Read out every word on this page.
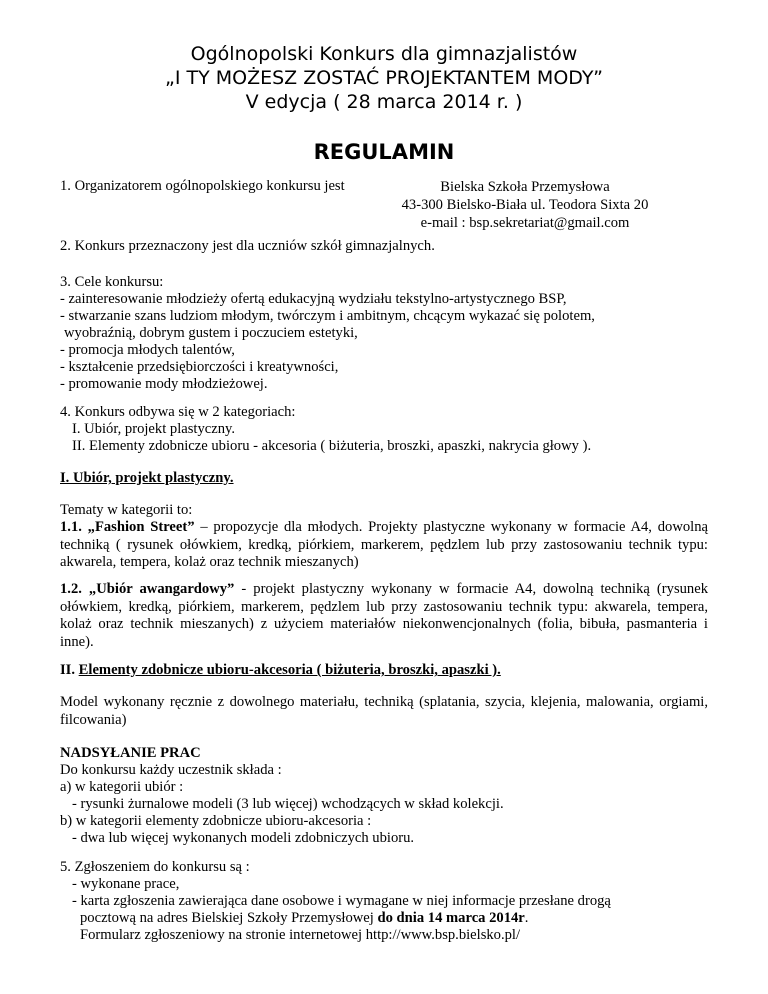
Ogólnopolski Konkurs dla gimnazjalistów
„I TY MOŻESZ ZOSTAĆ PROJEKTANTEM MODY”
V edycja ( 28 marca 2014 r. )
REGULAMIN
1. Organizatorem ogólnopolskiego konkursu jest	Bielska Szkoła Przemysłowa
43-300 Bielsko-Biała ul. Teodora Sixta 20
e-mail : bsp.sekretariat@gmail.com
2. Konkurs przeznaczony jest dla uczniów szkół gimnazjalnych.
3. Cele konkursu:
- zainteresowanie młodzieży ofertą edukacyjną wydziału tekstylno-artystycznego BSP,
- stwarzanie szans ludziom młodym, twórczym i ambitnym, chcącym wykazać się polotem,
wyobraźnią, dobrym gustem i poczuciem estetyki,
- promocja młodych talentów,
- kształcenie przedsiębiorczości i kreatywności,
- promowanie mody młodzieżowej.
4. Konkurs odbywa się w 2 kategoriach:
I. Ubiór, projekt plastyczny.
II. Elementy zdobnicze ubioru - akcesoria ( biżuteria, broszki, apaszki, nakrycia głowy ).
I. Ubiór, projekt plastyczny.
Tematy w kategorii to:
1.1. „Fashion Street” – propozycje dla młodych. Projekty plastyczne wykonany w formacie A4, dowolną techniką ( rysunek ołówkiem, kredką, piórkiem, markerem, pędzlem lub przy zastosowaniu technik typu: akwarela, tempera, kolaż oraz technik mieszanych)
1.2. „Ubiór awangardowy” - projekt plastyczny wykonany w formacie A4, dowolną techniką (rysunek ołówkiem, kredką, piórkiem, markerem, pędzlem lub przy zastosowaniu technik typu: akwarela, tempera, kolaż oraz technik mieszanych) z użyciem materiałów niekonwencjonalnych (folia, bibuła, pasmanteria i inne).
II. Elementy zdobnicze ubioru-akcesoria ( biżuteria, broszki, apaszki ).
Model wykonany ręcznie z dowolnego materiału, techniką (splatania, szycia, klejenia, malowania, orgiami, filcowania)
NADSYŁANIE PRAC
Do konkursu każdy uczestnik składa :
a) w kategorii ubiór :
- rysunki żurnalowe modeli (3 lub więcej) wchodzących w skład kolekcji.
b) w kategorii elementy zdobnicze ubioru-akcesoria :
- dwa lub więcej wykonanych modeli zdobniczych ubioru.
5. Zgłoszeniem do konkursu są :
- wykonane prace,
- karta zgłoszenia zawierająca dane osobowe i wymagane w niej informacje przesłane drogą
pocztową na adres Bielskiej Szkoły Przemysłowej do dnia 14 marca 2014r.
Formularz zgłoszeniowy na stronie internetowej http://www.bsp.bielsko.pl/
